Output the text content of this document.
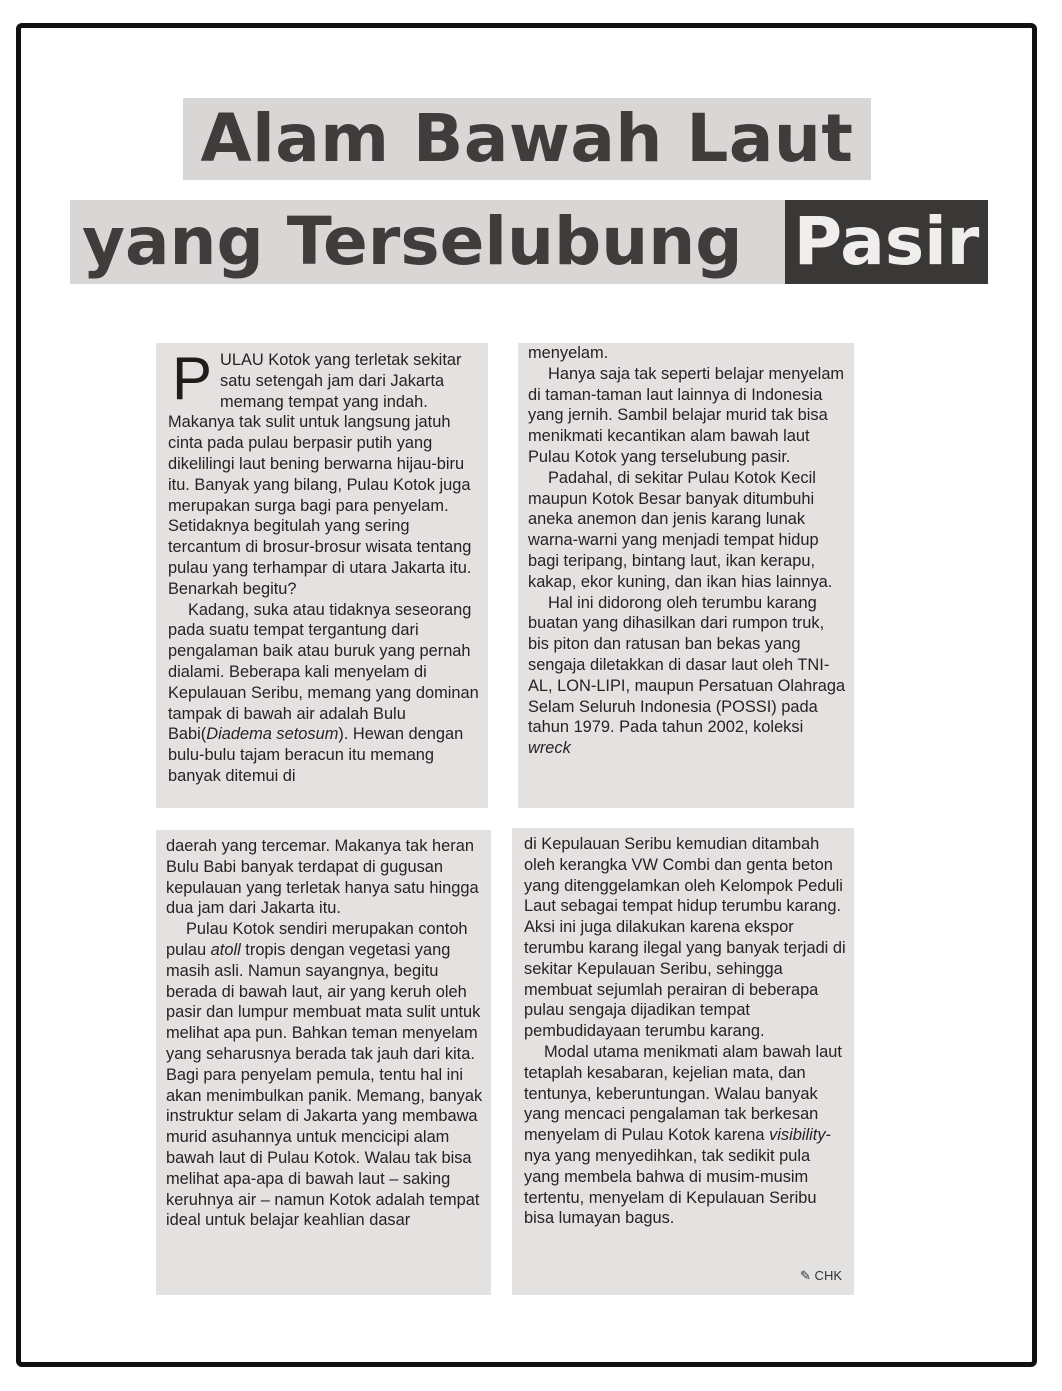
Alam Bawah Laut
yang Terselubung Pasir
P ULAU Kotok yang terletak sekitar satu setengah jam dari Jakarta memang tempat yang indah. Makanya tak sulit untuk langsung jatuh cinta pada pulau berpasir putih yang dikelilingi laut bening berwarna hijau-biru itu. Banyak yang bilang, Pulau Kotok juga merupakan surga bagi para penyelam. Setidaknya begitulah yang sering tercantum di brosur-brosur wisata tentang pulau yang terhampar di utara Jakarta itu. Benarkah begitu?

Kadang, suka atau tidaknya seseorang pada suatu tempat tergantung dari pengalaman baik atau buruk yang pernah dialami. Beberapa kali menyelam di Kepulauan Seribu, memang yang dominan tampak di bawah air adalah Bulu Babi(Diadema setosum). Hewan dengan bulu-bulu tajam beracun itu memang banyak ditemui di

menyelam.

Hanya saja tak seperti belajar menyelam di taman-taman laut lainnya di Indonesia yang jernih. Sambil belajar murid tak bisa menikmati kecantikan alam bawah laut Pulau Kotok yang terselubung pasir.

Padahal, di sekitar Pulau Kotok Kecil maupun Kotok Besar banyak ditumbuhi aneka anemon dan jenis karang lunak warna-warni yang menjadi tempat hidup bagi teripang, bintang laut, ikan kerapu, kakap, ekor kuning, dan ikan hias lainnya.

Hal ini didorong oleh terumbu karang buatan yang dihasilkan dari rumpon truk, bis piton dan ratusan ban bekas yang sengaja diletakkan di dasar laut oleh TNI-AL, LON-LIPI, maupun Persatuan Olahraga Selam Seluruh Indonesia (POSSI) pada tahun 1979. Pada tahun 2002, koleksi wreck

daerah yang tercemar. Makanya tak heran Bulu Babi banyak terdapat di gugusan kepulauan yang terletak hanya satu hingga dua jam dari Jakarta itu.

Pulau Kotok sendiri merupakan contoh pulau atoll tropis dengan vegetasi yang masih asli. Namun sayangnya, begitu berada di bawah laut, air yang keruh oleh pasir dan lumpur membuat mata sulit untuk melihat apa pun. Bahkan teman menyelam yang seharusnya berada tak jauh dari kita. Bagi para penyelam pemula, tentu hal ini akan menimbulkan panik. Memang, banyak instruktur selam di Jakarta yang membawa murid asuhannya untuk mencicipi alam bawah laut di Pulau Kotok. Walau tak bisa melihat apa-apa di bawah laut – saking keruhnya air – namun Kotok adalah tempat ideal untuk belajar keahlian dasar

di Kepulauan Seribu kemudian ditambah oleh kerangka VW Combi dan genta beton yang ditenggelamkan oleh Kelompok Peduli Laut sebagai tempat hidup terumbu karang. Aksi ini juga dilakukan karena ekspor terumbu karang ilegal yang banyak terjadi di sekitar Kepulauan Seribu, sehingga membuat sejumlah perairan di beberapa pulau sengaja dijadikan tempat pembudidayaan terumbu karang.

Modal utama menikmati alam bawah laut tetaplah kesabaran, kejelian mata, dan tentunya, keberuntungan. Walau banyak yang mencaci pengalaman tak berkesan menyelam di Pulau Kotok karena visibility-nya yang menyedihkan, tak sedikit pula yang membela bahwa di musim-musim tertentu, menyelam di Kepulauan Seribu bisa lumayan bagus.

✎ CHK
